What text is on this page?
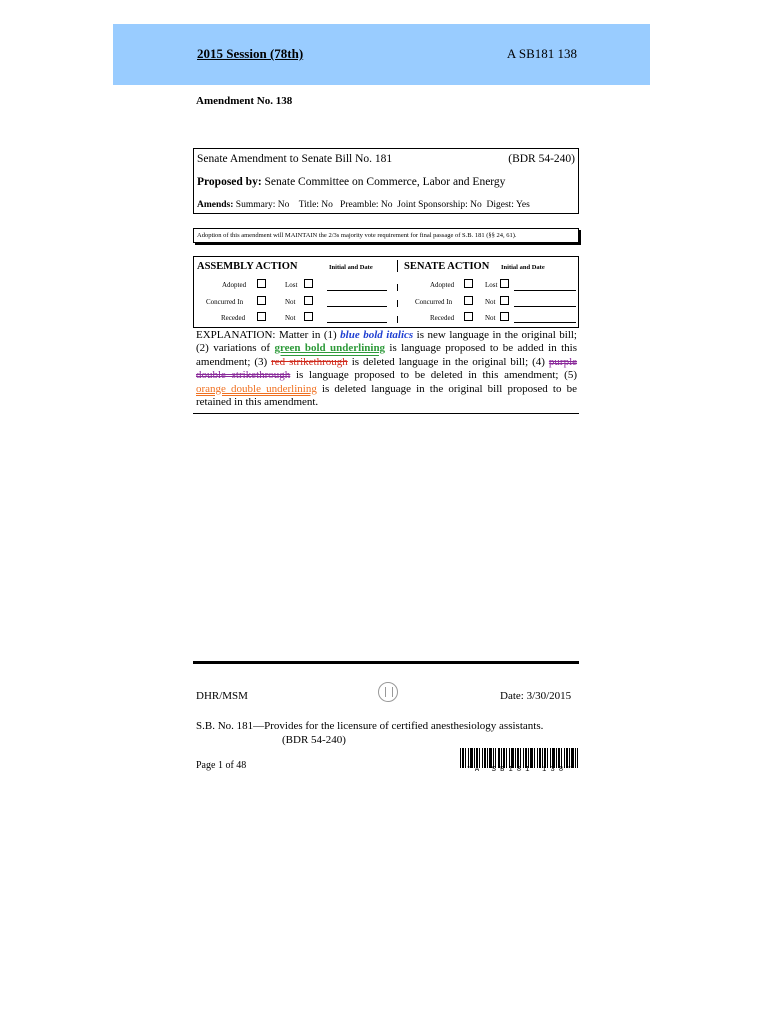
2015 Session (78th)	A SB181 138
Amendment No. 138
Senate Amendment to Senate Bill No. 181	(BDR 54-240)
Proposed by: Senate Committee on Commerce, Labor and Energy
Amends: Summary: No    Title: No   Preamble: No  Joint Sponsorship: No  Digest: Yes
Adoption of this amendment will MAINTAIN the 2/3s majority vote requirement for final passage of S.B. 181 (§§ 24, 61).
ASSEMBLY ACTION	Initial and Date	SENATE ACTION Initial and Date
Adopted	Lost	Adopted	Lost
Concurred In	Not	Concurred In	Not
Receded	Not	Receded	Not
EXPLANATION: Matter in (1) blue bold italics is new language in the original bill; (2) variations of green bold underlining is language proposed to be added in this amendment; (3) red strikethrough is deleted language in the original bill; (4) purple double strikethrough is language proposed to be deleted in this amendment; (5) orange double underlining is deleted language in the original bill proposed to be retained in this amendment.
DHR/MSM	Date: 3/30/2015
S.B. No. 181—Provides for the licensure of certified anesthesiology assistants.
(BDR 54-240)
Page 1 of 48	* A   S B 1 8 1   1 3 8 *
